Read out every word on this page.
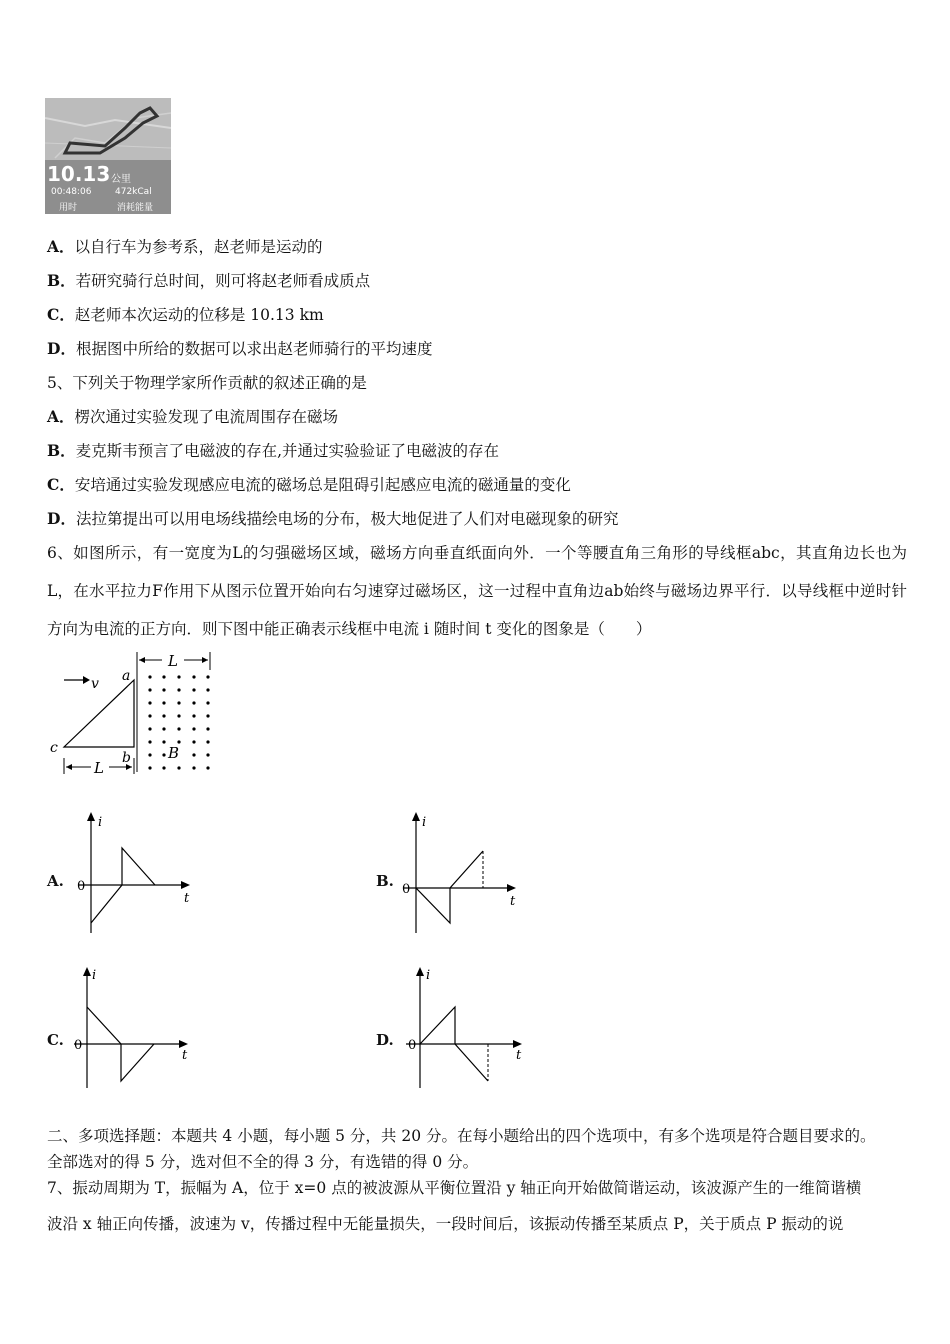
10.13 公里
00:48:06	472kCal
用时	消耗能量
A．以自行车为参考系，赵老师是运动的
B．若研究骑行总时间，则可将赵老师看成质点
C．赵老师本次运动的位移是 10.13 km
D．根据图中所给的数据可以求出赵老师骑行的平均速度
5、下列关于物理学家所作贡献的叙述正确的是
A．楞次通过实验发现了电流周围存在磁场
B．麦克斯韦预言了电磁波的存在,并通过实验验证了电磁波的存在
C．安培通过实验发现感应电流的磁场总是阻碍引起感应电流的磁通量的变化
D．法拉第提出可以用电场线描绘电场的分布，极大地促进了人们对电磁现象的研究
6、如图所示，有一宽度为L的匀强磁场区域，磁场方向垂直纸面向外．一个等腰直角三角形的导线框abc，其直角边长也为L，在水平拉力F作用下从图示位置开始向右匀速穿过磁场区，这一过程中直角边ab始终与磁场边界平行．以导线框中逆时针方向为电流的正方向．则下图中能正确表示线框中电流 i 随时间 t 变化的图象是（　　）
L
B
a
b
c
v
L
A.
i
t
0	B.
i
t
0
C.
i
t
0	D.
i
t
0
二、多项选择题：本题共 4 小题，每小题 5 分，共 20 分。在每小题给出的四个选项中，有多个选项是符合题目要求的。
全部选对的得 5 分，选对但不全的得 3 分，有选错的得 0 分。
7、振动周期为 T，振幅为 A，位于 x=0 点的被波源从平衡位置沿 y 轴正向开始做简谐运动，该波源产生的一维简谐横
波沿 x 轴正向传播，波速为 v，传播过程中无能量损失，一段时间后，该振动传播至某质点 P，关于质点 P 振动的说
